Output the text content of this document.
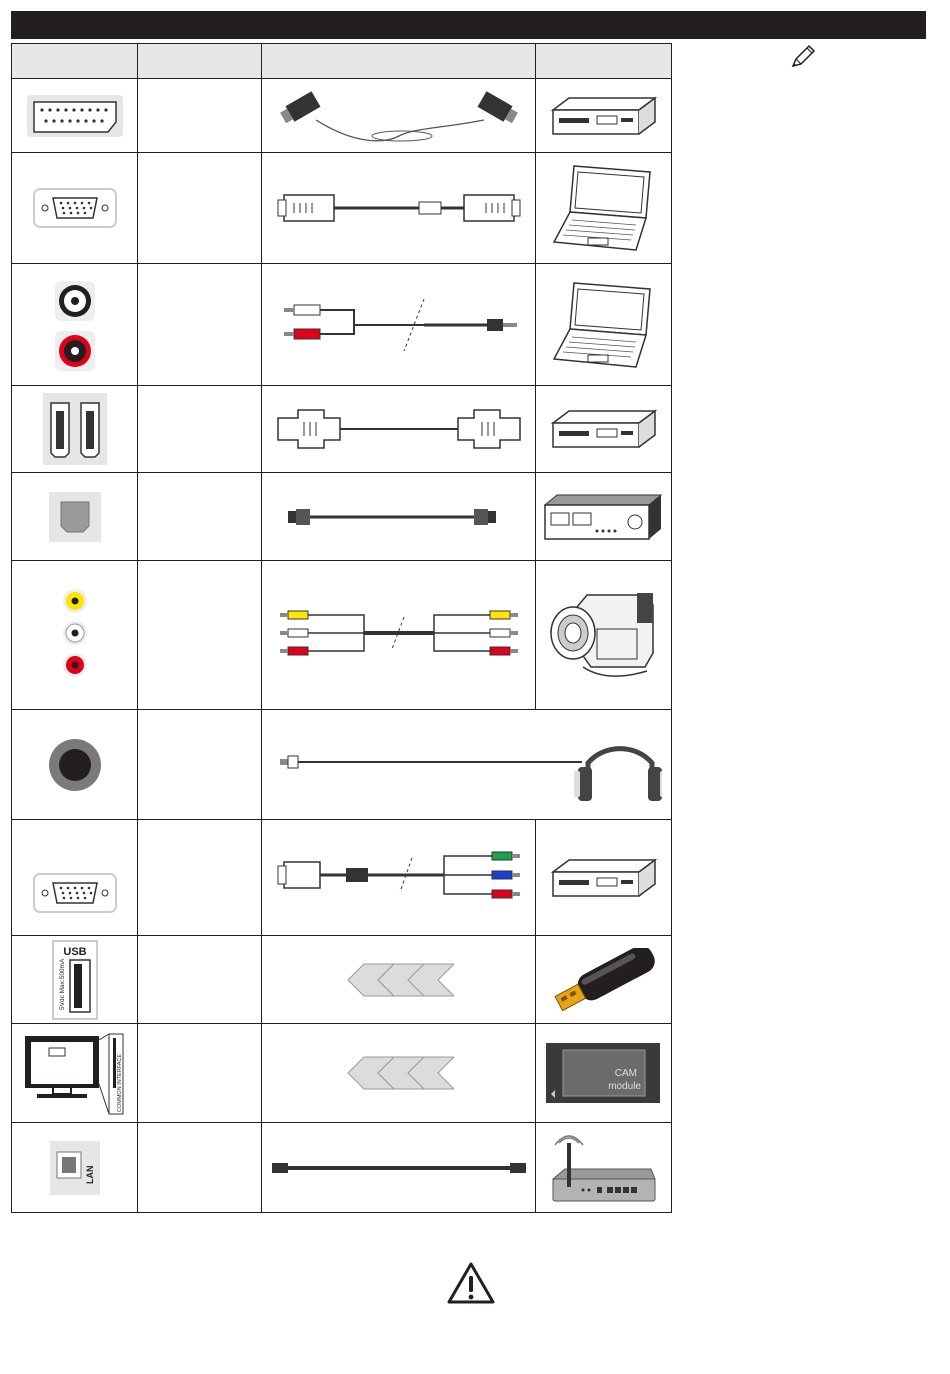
USB
5Vdc Max:500mA

COMMON INTERFACE			CAM
module

LAN
